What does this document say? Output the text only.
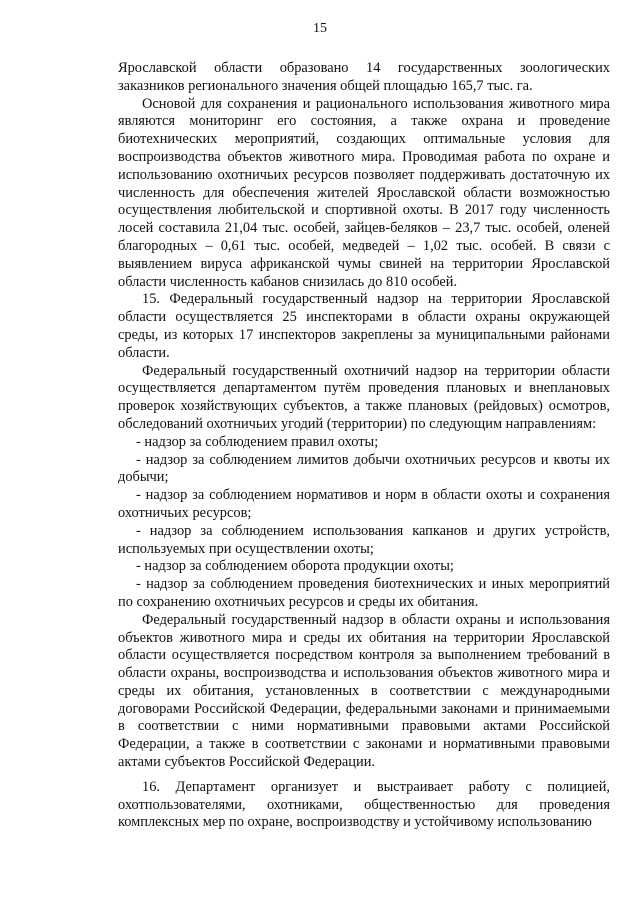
15

Ярославской области образовано 14 государственных зоологических заказников регионального значения общей площадью 165,7 тыс. га.

Основой для сохранения и рационального использования животного мира являются мониторинг его состояния, а также охрана и проведение биотехнических мероприятий, создающих оптимальные условия для воспроизводства объектов животного мира. Проводимая работа по охране и использованию охотничьих ресурсов позволяет поддерживать достаточную их численность для обеспечения жителей Ярославской области возможностью осуществления любительской и спортивной охоты. В 2017 году численность лосей составила 21,04 тыс. особей, зайцев-беляков – 23,7 тыс. особей, оленей благородных – 0,61 тыс. особей, медведей – 1,02 тыс. особей. В связи с выявлением вируса африканской чумы свиней на территории Ярославской области численность кабанов снизилась до 810 особей.

15. Федеральный государственный надзор на территории Ярославской области осуществляется 25 инспекторами в области охраны окружающей среды, из которых 17 инспекторов закреплены за муниципальными районами области.

Федеральный государственный охотничий надзор на территории области осуществляется департаментом путём проведения плановых и внеплановых проверок хозяйствующих субъектов, а также плановых (рейдовых) осмотров, обследований охотничьих угодий (территории) по следующим направлениям:

- надзор за соблюдением правил охоты;

- надзор за соблюдением лимитов добычи охотничьих ресурсов и квоты их добычи;

- надзор за соблюдением нормативов и норм в области охоты и сохранения охотничьих ресурсов;

- надзор за соблюдением использования капканов и других устройств, используемых при осуществлении охоты;

- надзор за соблюдением оборота продукции охоты;

- надзор за соблюдением проведения биотехнических и иных мероприятий по сохранению охотничьих ресурсов и среды их обитания.

Федеральный государственный надзор в области охраны и использования объектов животного мира и среды их обитания на территории Ярославской области осуществляется посредством контроля за выполнением требований в области охраны, воспроизводства и использования объектов животного мира и среды их обитания, установленных в соответствии с международными договорами Российской Федерации, федеральными законами и принимаемыми в соответствии с ними нормативными правовыми актами Российской Федерации, а также в соответствии с законами и нормативными правовыми актами субъектов Российской Федерации.

16. Департамент организует и выстраивает работу с полицией, охотпользователями, охотниками, общественностью для проведения комплексных мер по охране, воспроизводству и устойчивому использованию
